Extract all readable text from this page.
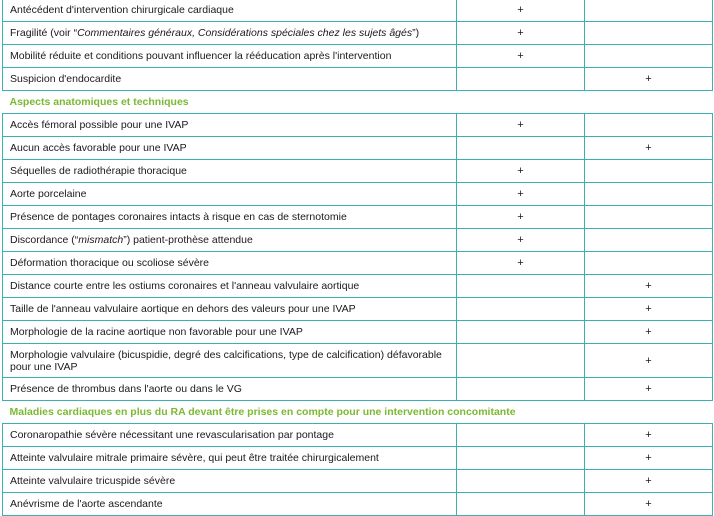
Antécédent d'intervention chirurgicale cardiaque	+	
Fragilité (voir “Commentaires généraux, Considérations spéciales chez les sujets âgés”)	+	
Mobilité réduite et conditions pouvant influencer la rééducation après l'intervention	+	
Suspicion d'endocardite		+
Aspects anatomiques et techniques		
Accès fémoral possible pour une IVAP	+	
Aucun accès favorable pour une IVAP		+
Séquelles de radiothérapie thoracique	+	
Aorte porcelaine	+	
Présence de pontages coronaires intacts à risque en cas de sternotomie	+	
Discordance (“mismatch”) patient-prothèse attendue	+	
Déformation thoracique ou scoliose sévère	+	
Distance courte entre les ostiums coronaires et l'anneau valvulaire aortique		+
Taille de l'anneau valvulaire aortique en dehors des valeurs pour une IVAP		+
Morphologie de la racine aortique non favorable pour une IVAP		+
Morphologie valvulaire (bicuspidie, degré des calcifications, type de calcification) défavorable pour une IVAP		+
Présence de thrombus dans l'aorte ou dans le VG		+
Maladies cardiaques en plus du RA devant être prises en compte pour une intervention concomitante		
Coronaropathie sévère nécessitant une revascularisation par pontage		+
Atteinte valvulaire mitrale primaire sévère, qui peut être traitée chirurgicalement		+
Atteinte valvulaire tricuspide sévère		+
Anévrisme de l'aorte ascendante		+
